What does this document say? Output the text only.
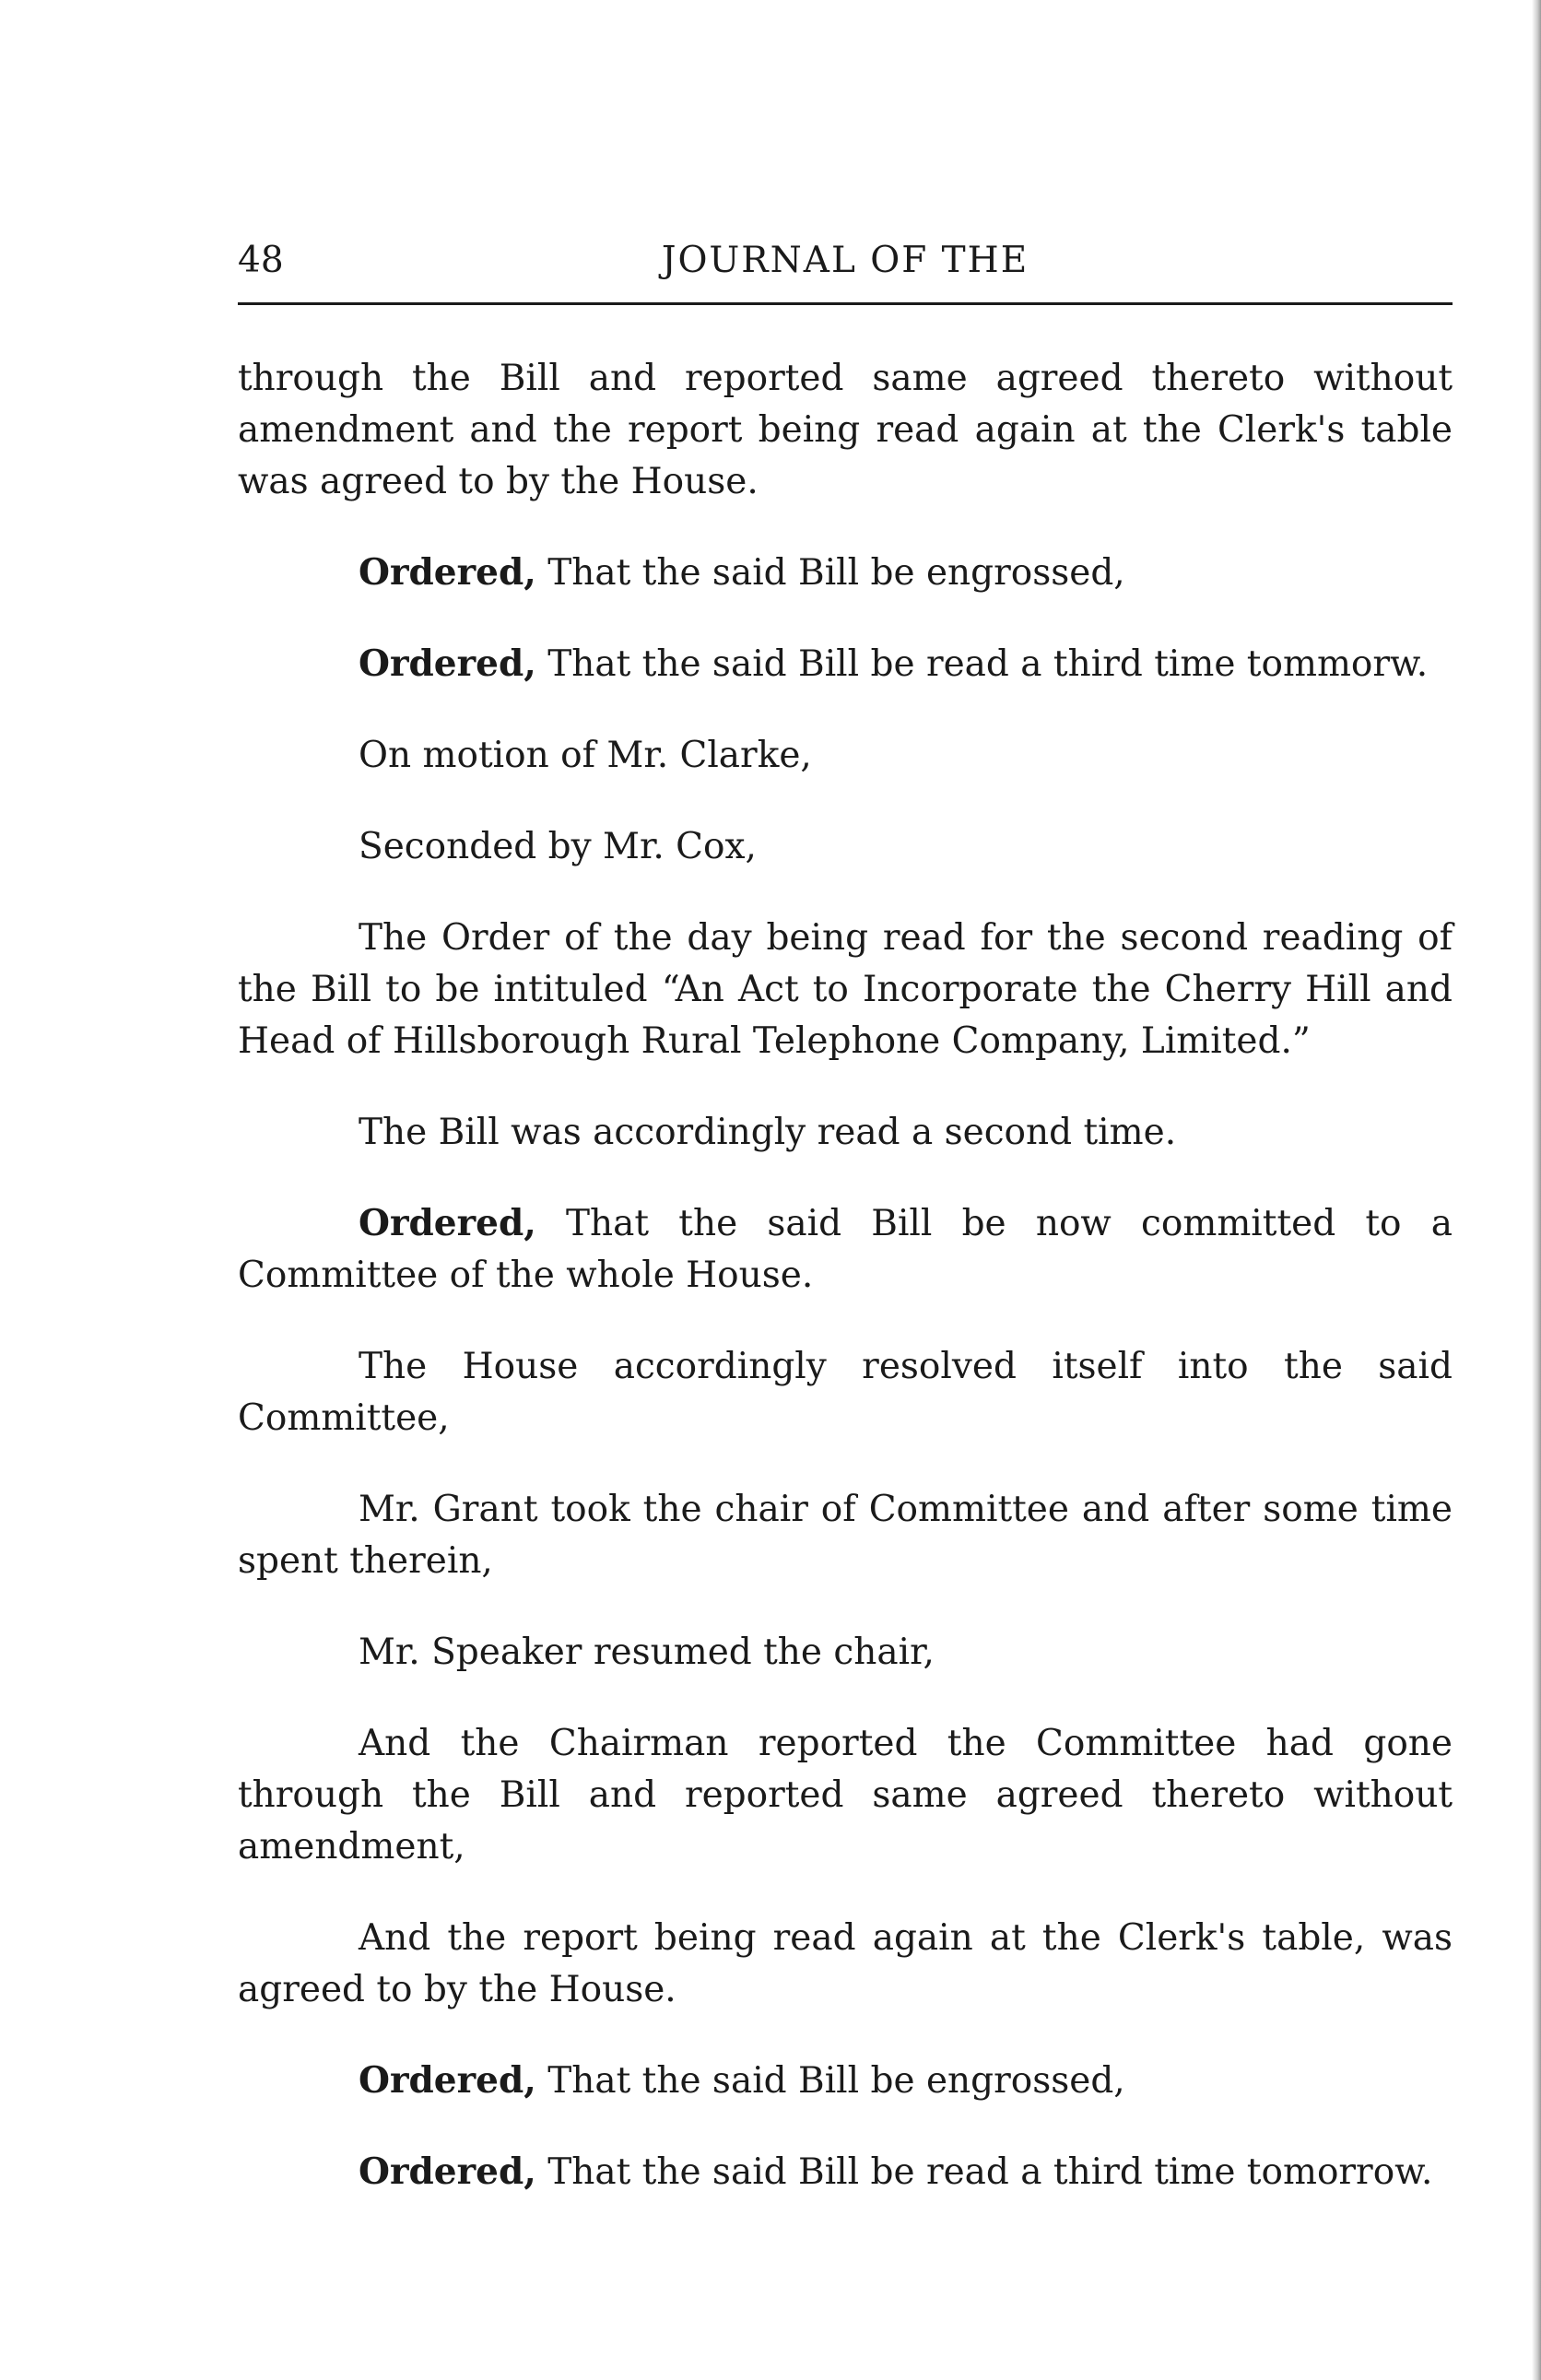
48	JOURNAL OF THE

through the Bill and reported same agreed thereto without amendment and the report being read again at the Clerk's table was agreed to by the House.

Ordered, That the said Bill be engrossed,

Ordered, That the said Bill be read a third time tommorw.

On motion of Mr. Clarke,

Seconded by Mr. Cox,

The Order of the day being read for the second reading of the Bill to be intituled “An Act to Incorporate the Cherry Hill and Head of Hillsborough Rural Telephone Company, Limited.”

The Bill was accordingly read a second time.

Ordered, That the said Bill be now committed to a Committee of the whole House.

The House accordingly resolved itself into the said Committee,

Mr. Grant took the chair of Committee and after some time spent therein,

Mr. Speaker resumed the chair,

And the Chairman reported the Committee had gone through the Bill and reported same agreed thereto without amendment,

And the report being read again at the Clerk's table, was agreed to by the House.

Ordered, That the said Bill be engrossed,

Ordered, That the said Bill be read a third time tomorrow.
